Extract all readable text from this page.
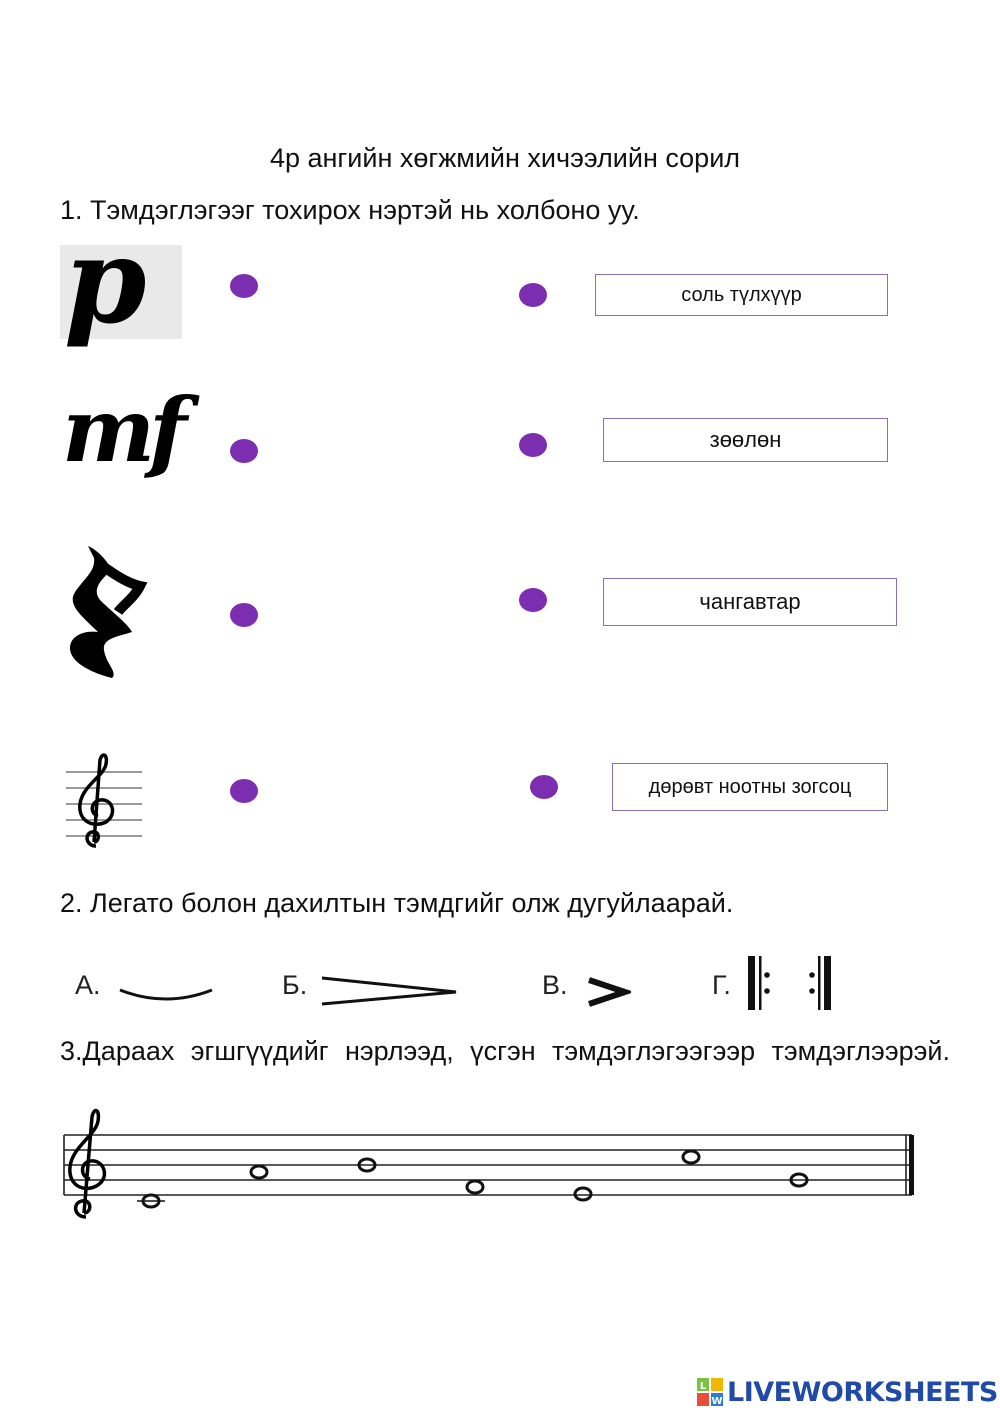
4р ангийн хөгжмийн хичээлийн сорил
1. Тэмдэглэгээг тохирох нэртэй нь холбоно уу.
p
mf
соль түлхүүр
зөөлөн
чангавтар
дөрөвт ноотны зогсоц
2. Легато болон дахилтын тэмдгийг олж дугуйлаарай.
А.	Б.	В.	Г.
3.Дараах эгшгүүдийг нэрлээд, үсгэн тэмдэглэгээгээр тэмдэглээрэй.
L
W LIVEWORKSHEETS
